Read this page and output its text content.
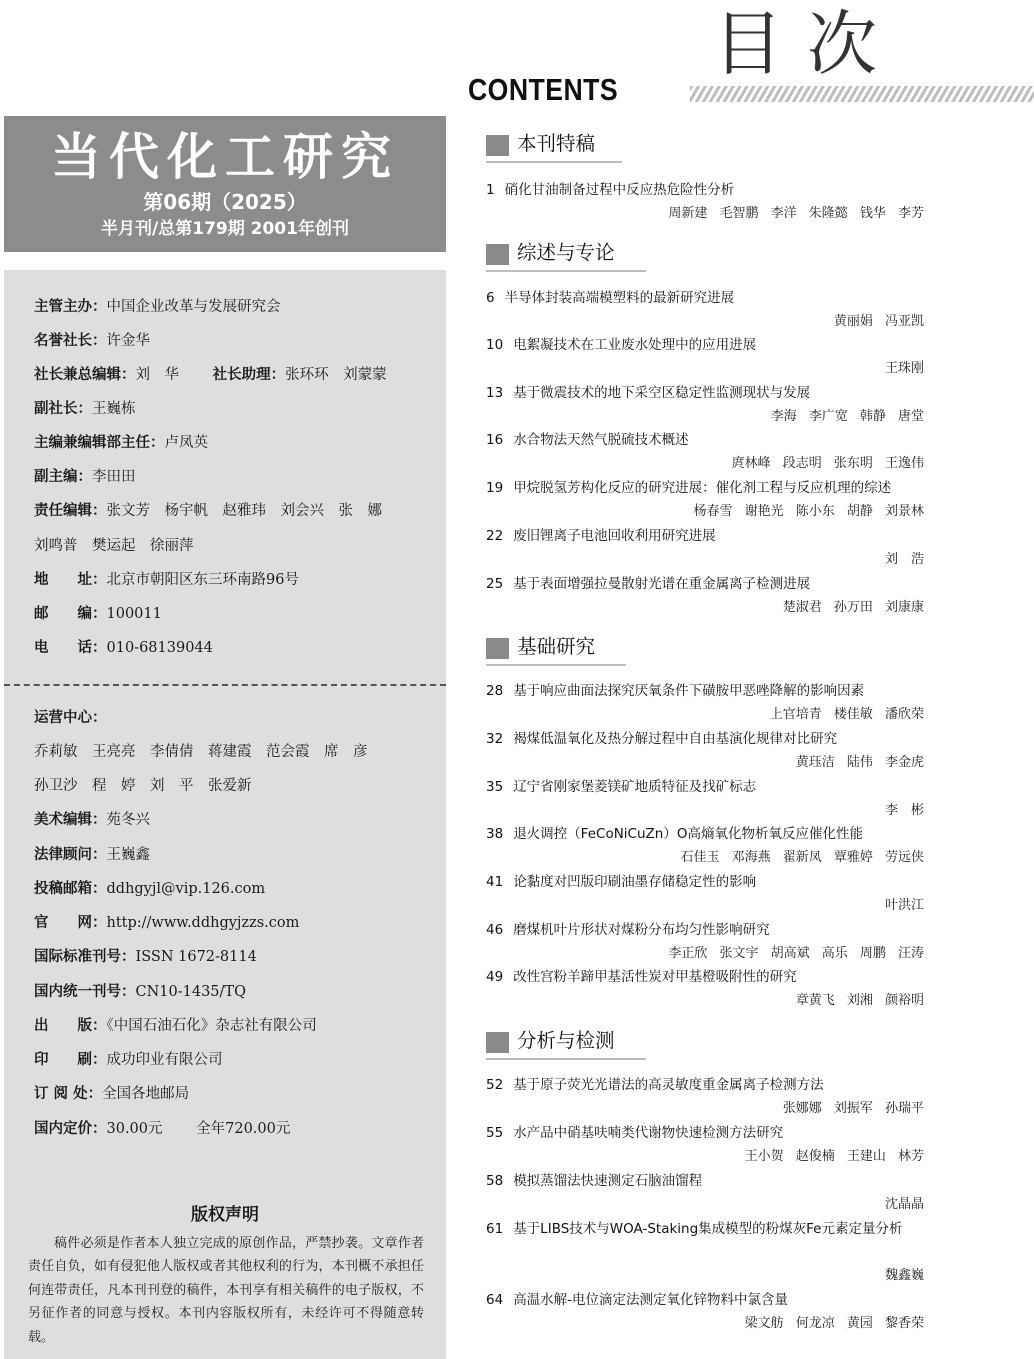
目次
CONTENTS
当代化工研究
第06期（2025）
半月刊/总第179期 2001年创刊
主管主办：中国企业改革与发展研究会
名誉社长：许金华
社长兼总编辑：刘　华　　 社长助理：张环环　刘蒙蒙
副社长：王巍栋
主编兼编辑部主任：卢凤英
副主编：李田田
责任编辑：张文芳　杨宇帆　赵雅玮　刘会兴　张　娜
刘鸣普　樊运起　徐丽萍
地　　址：北京市朝阳区东三环南路96号
邮　　编：100011
电　　话：010-68139044
运营中心：
乔莉敏　王亮亮　李倩倩　蒋建霞　范会霞　席　彦
孙卫沙　程　婷　刘　平　张爱新
美术编辑：苑冬兴
法律顾问：王巍鑫
投稿邮箱：ddhgyjl@vip.126.com
官　　网：http://www.ddhgyjzzs.com
国际标准刊号：ISSN 1672-8114
国内统一刊号：CN10-1435/TQ
出　　版：《中国石油石化》杂志社有限公司
印　　刷：成功印业有限公司
订 阅 处：全国各地邮局
国内定价：30.00元　　 全年720.00元
版权声明
稿件必须是作者本人独立完成的原创作品，严禁抄袭。文章作者责任自负，如有侵犯他人版权或者其他权利的行为，本刊概不承担任何连带责任，凡本刊刊登的稿件，本刊享有相关稿件的电子版权，不另征作者的同意与授权。本刊内容版权所有，未经许可不得随意转载。
本刊特稿
1 硝化甘油制备过程中反应热危险性分析
周新建 毛智鹏 李洋 朱隆懿 钱华 李芳
综述与专论
6 半导体封装高端模塑料的最新研究进展
黄丽娟 冯亚凯
10 电絮凝技术在工业废水处理中的应用进展
王珠刚
13 基于微震技术的地下采空区稳定性监测现状与发展
李海 李广宽 韩静 唐堂
16 水合物法天然气脱硫技术概述
庹林峰 段志明 张东明 王逸伟
19 甲烷脱氢芳构化反应的研究进展：催化剂工程与反应机理的综述
杨春雪 谢艳光 陈小东 胡静 刘景林
22 废旧锂离子电池回收利用研究进展
刘　浩
25 基于表面增强拉曼散射光谱在重金属离子检测进展
楚淑君 孙万田 刘康康
基础研究
28 基于响应曲面法探究厌氧条件下磺胺甲恶唑降解的影响因素
上官培青 楼佳敏 潘欣荣
32 褐煤低温氧化及热分解过程中自由基演化规律对比研究
黄珏洁 陆伟 李金虎
35 辽宁省刚家堡菱镁矿地质特征及找矿标志
李　彬
38 退火调控（FeCoNiCuZn）O高熵氧化物析氧反应催化性能
石佳玉 邓海燕 翟新凤 覃雅婷 劳远侠
41 论黏度对凹版印刷油墨存储稳定性的影响
叶洪江
46 磨煤机叶片形状对煤粉分布均匀性影响研究
李正欣 张文宇 胡高斌 高乐 周鹏 汪涛
49 改性宫粉羊蹄甲基活性炭对甲基橙吸附性的研究
章黄飞 刘湘 颜裕明
分析与检测
52 基于原子荧光光谱法的高灵敏度重金属离子检测方法
张娜娜 刘振军 孙瑞平
55 水产品中硝基呋喃类代谢物快速检测方法研究
王小贺 赵俊楠 王建山 林芳
58 模拟蒸馏法快速测定石脑油馏程
沈晶晶
61 基于LIBS技术与WOA-Staking集成模型的粉煤灰Fe元素定量分析
魏鑫巍
64 高温水解-电位滴定法测定氧化锌物料中氯含量
梁文舫 何龙凉 黄园 黎香荣
